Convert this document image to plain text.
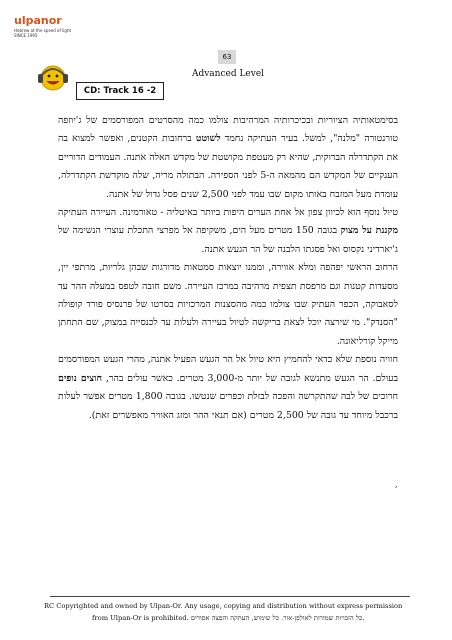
ulpanor
Hebrew at the speed of light
SINCE 1995
63
Advanced Level
CD: Track 16 -2

בסימטאותיה הציוריות ובכיכרותיה המרהיבות צולמו כמה מהסרטים המפורסמים של ג'יוזפה טורנטורה "מלנה", למשל. בעיר העתיקה נחמד לשוטט ברחובות הקטנים, ואפשר למצוא בה את הקתדרלה הברוקית, שהיא רק מעטפת מקושטת של מקדש האלה אתנה. העמודים הדוריים הענקיים של המקדש הם מהמאה ה-5 לפני הספירה. הבתולה מריה, שלה מוקדשת הקתדרלה, עומדת מעל המזבח באותו מקום שבו עמד לפני 2,500 שנים פסל גדול של אתנה.

טיול נוסף הוא לכיוון צפון אל אחת הערים היפות ביותר באיטליה - טאורמינה. העיירה העתיקה מקננת על מצוק בגובה 150 מטרים מעל הים, משקיפה אל מפרצי התכלת עוצרי הנשימה של ג'יארדיני נקסוס ואל פסגתו הלבנה של הר הגעש אתנה.

הרחוב הראשי יפהפה ומלא אווירה, וממנו יוצאות סמטאות מדורגות שבהן גלריות, מרתפי יין, מסעדות קטנות וגם מרפסת תצפית מרהיבה במרכז העיירה. משם חובה לטפס במעלה ההר עד לסאבוקה, הכפר העתיק שבו צולמו כמה מהסצנות המרכזיות בסרטו של פרנסיס פורד קופולה "הסנדק". מי שירצה יוכל לצאת בריקשה לטיול בעיירה ולעלות עד לכנסייה במצוק, שם התחתן מייקל קורליאונה.

חוויה נוספת שלא כדאי להחמיץ היא טיול אל הר הגעש הפעיל אתנה, מהרי הגעש המפורסמים בעולם. הר הגעש מתנשא לגובה של יותר מ-3,000 מטרים. כאשר עולים בהר, חוצים נופים חרוכים של לבה שהתקרשה והפכה לבזלת וכפרים שנטשו. בגובה 1,800 מטרים אפשר לעלות ברכבל מיוחד עד גובה של 2,500 מטרים (אם תנאי ההר ומזג האוויר מאפשרים זאת).

,
RC Copyrighted and owned by Ulpan-Or. Any usage, copying and distribution without express permission
from Ulpan-Or is prohibited. כל הזכויות שמורות לאולפן-אור. כל שימוש, העתקה והפצה אסורים.
